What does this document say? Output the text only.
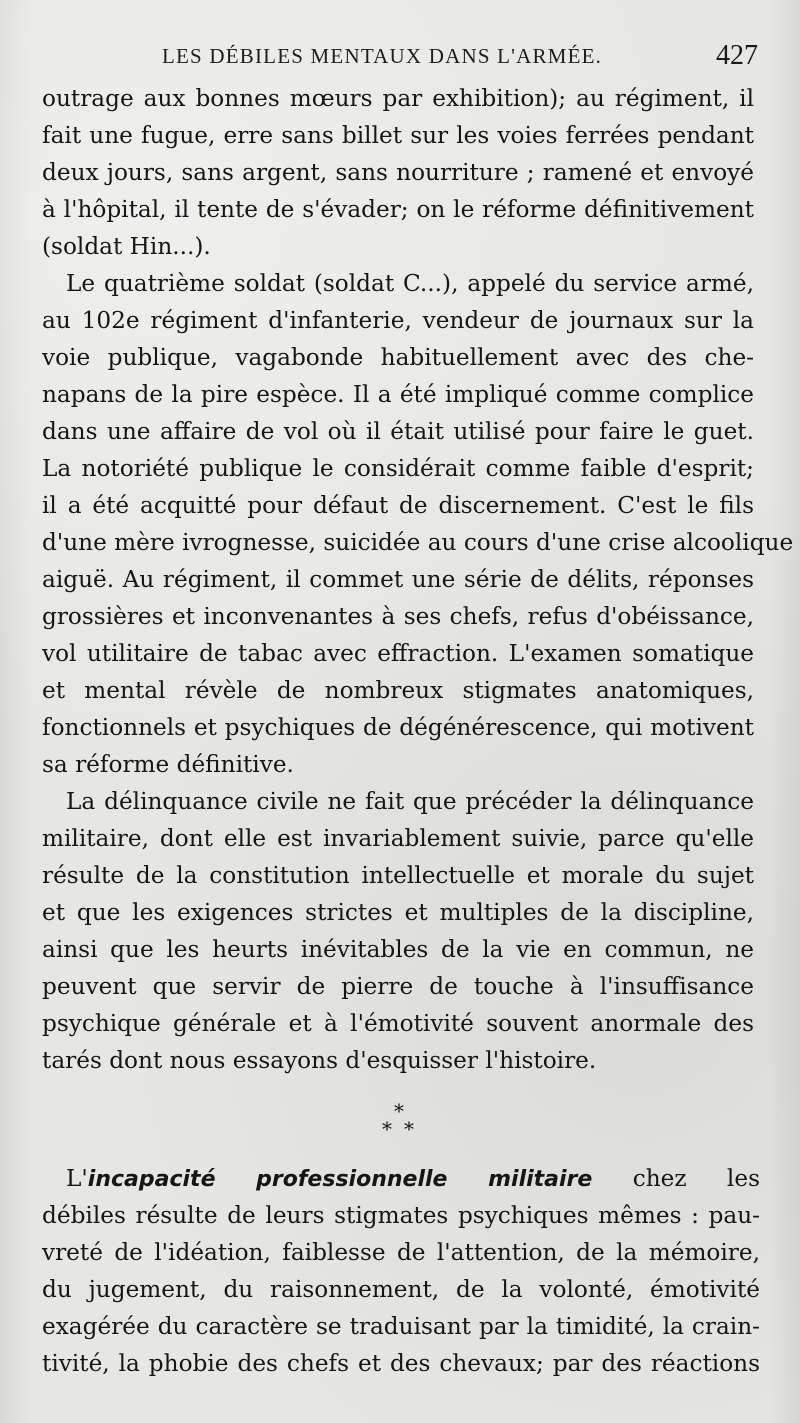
LES DÉBILES MENTAUX DANS L'ARMÉE.	427
outrage aux bonnes mœurs par exhibition); au régiment, il
fait une fugue, erre sans billet sur les voies ferrées pendant
deux jours, sans argent, sans nourriture ; ramené et envoyé
à l'hôpital, il tente de s'évader; on le réforme définitivement
(soldat Hin...).
Le quatrième soldat (soldat C...), appelé du service armé,
au 102e régiment d'infanterie, vendeur de journaux sur la
voie publique, vagabonde habituellement avec des che-
napans de la pire espèce. Il a été impliqué comme complice
dans une affaire de vol où il était utilisé pour faire le guet.
La notoriété publique le considérait comme faible d'esprit;
il a été acquitté pour défaut de discernement. C'est le fils
d'une mère ivrognesse, suicidée au cours d'une crise alcoolique
aiguë. Au régiment, il commet une série de délits, réponses
grossières et inconvenantes à ses chefs, refus d'obéissance,
vol utilitaire de tabac avec effraction. L'examen somatique
et mental révèle de nombreux stigmates anatomiques,
fonctionnels et psychiques de dégénérescence, qui motivent
sa réforme définitive.
La délinquance civile ne fait que précéder la délinquance
militaire, dont elle est invariablement suivie, parce qu'elle
résulte de la constitution intellectuelle et morale du sujet
et que les exigences strictes et multiples de la discipline,
ainsi que les heurts inévitables de la vie en commun, ne
peuvent que servir de pierre de touche à l'insuffisance
psychique générale et à l'émotivité souvent anormale des
tarés dont nous essayons d'esquisser l'histoire.
*
* *
L'incapacité professionnelle militaire chez les
débiles résulte de leurs stigmates psychiques mêmes : pau-
vreté de l'idéation, faiblesse de l'attention, de la mémoire,
du jugement, du raisonnement, de la volonté, émotivité
exagérée du caractère se traduisant par la timidité, la crain-
tivité, la phobie des chefs et des chevaux; par des réactions
